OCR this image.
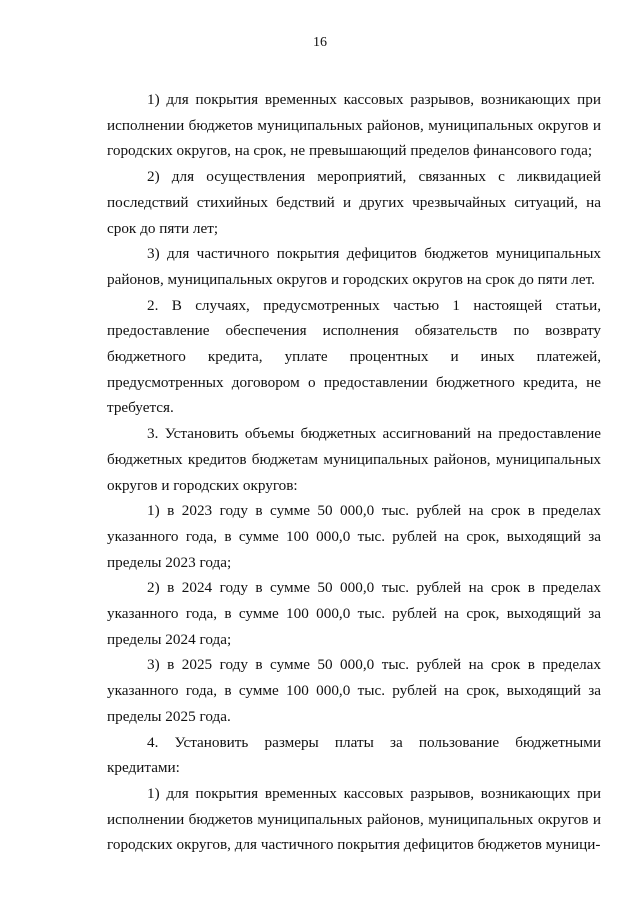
16

1) для покрытия временных кассовых разрывов, возникающих при исполнении бюджетов муниципальных районов, муниципальных округов и городских округов, на срок, не превышающий пределов финансового года;

2) для осуществления мероприятий, связанных с ликвидацией последствий стихийных бедствий и других чрезвычайных ситуаций, на срок до пяти лет;

3) для частичного покрытия дефицитов бюджетов муниципальных районов, муниципальных округов и городских округов на срок до пяти лет.

2. В случаях, предусмотренных частью 1 настоящей статьи, предоставление обеспечения исполнения обязательств по возврату бюджетного кредита, уплате процентных и иных платежей, предусмотренных договором о предоставлении бюджетного кредита, не требуется.

3. Установить объемы бюджетных ассигнований на предоставление бюджетных кредитов бюджетам муниципальных районов, муниципальных округов и городских округов:

1) в 2023 году в сумме 50 000,0 тыс. рублей на срок в пределах указанного года, в сумме 100 000,0 тыс. рублей на срок, выходящий за пределы 2023 года;

2) в 2024 году в сумме 50 000,0 тыс. рублей на срок в пределах указанного года, в сумме 100 000,0 тыс. рублей на срок, выходящий за пределы 2024 года;

3) в 2025 году в сумме 50 000,0 тыс. рублей на срок в пределах указанного года, в сумме 100 000,0 тыс. рублей на срок, выходящий за пределы 2025 года.

4. Установить размеры платы за пользование бюджетными кредитами:

1) для покрытия временных кассовых разрывов, возникающих при исполнении бюджетов муниципальных районов, муниципальных округов и городских округов, для частичного покрытия дефицитов бюджетов муници-
